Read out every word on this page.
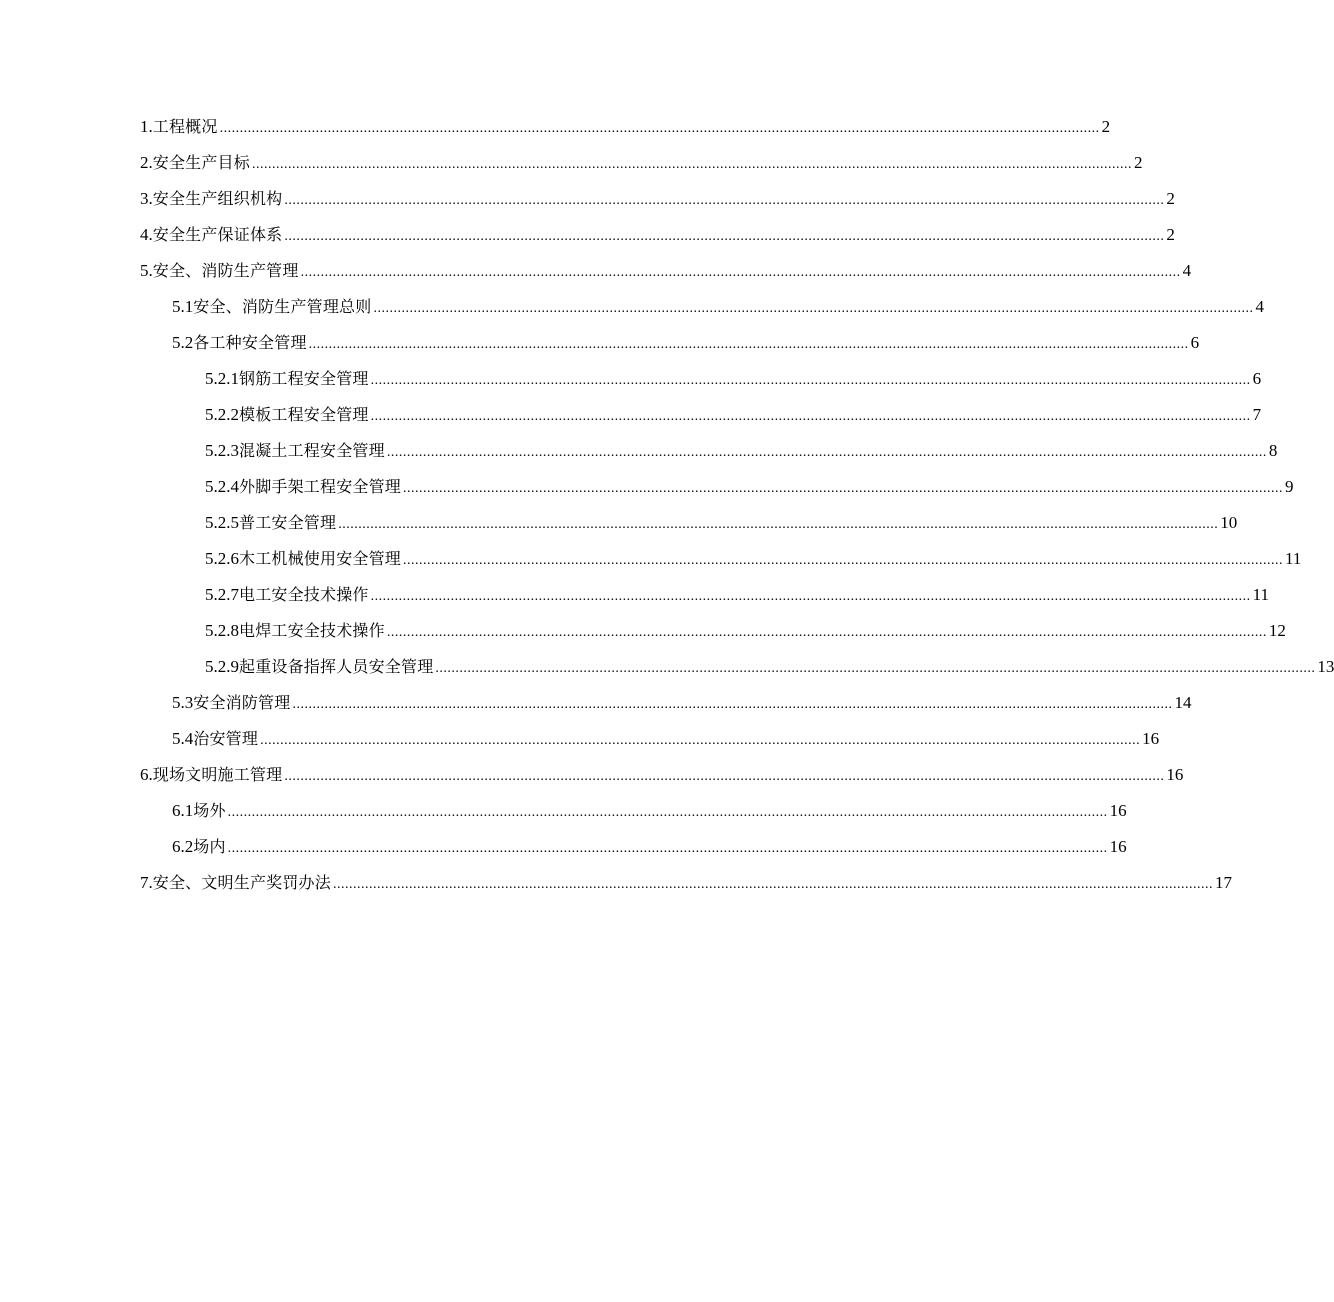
1. 工程概况 ............................................................................................................................................................................................................................ 2
2. 安全生产目标 ............................................................................................................................................................................................................................ 2
3. 安全生产组织机构 ............................................................................................................................................................................................................................ 2
4. 安全生产保证体系 ............................................................................................................................................................................................................................ 2
5. 安全、消防生产管理 ............................................................................................................................................................................................................................ 4
5.1 安全、消防生产管理总则 ............................................................................................................................................................................................................................ 4
5.2 各工种安全管理 ............................................................................................................................................................................................................................ 6
5.2.1 钢筋工程安全管理 ............................................................................................................................................................................................................................ 6
5.2.2 模板工程安全管理 ............................................................................................................................................................................................................................ 7
5.2.3 混凝土工程安全管理 ............................................................................................................................................................................................................................ 8
5.2.4 外脚手架工程安全管理 ............................................................................................................................................................................................................................ 9
5.2.5 普工安全管理 ............................................................................................................................................................................................................................ 10
5.2.6 木工机械使用安全管理 ............................................................................................................................................................................................................................ 11
5.2.7 电工安全技术操作 ............................................................................................................................................................................................................................ 11
5.2.8 电焊工安全技术操作 ............................................................................................................................................................................................................................ 12
5.2.9 起重设备指挥人员安全管理 ............................................................................................................................................................................................................................ 13
5.3 安全消防管理 ............................................................................................................................................................................................................................ 14
5.4 治安管理 ............................................................................................................................................................................................................................ 16
6. 现场文明施工管理 ............................................................................................................................................................................................................................ 16
6.1 场外 ............................................................................................................................................................................................................................ 16
6.2 场内 ............................................................................................................................................................................................................................ 16
7. 安全、文明生产奖罚办法 ............................................................................................................................................................................................................................ 17
